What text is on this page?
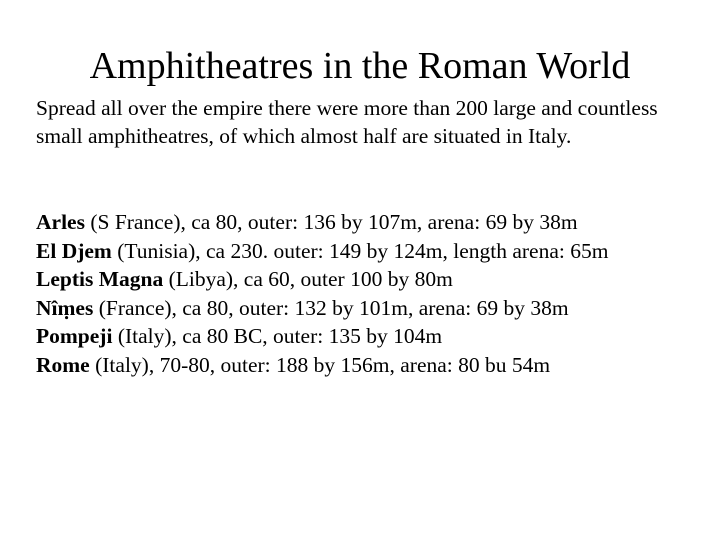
Amphitheatres in the Roman World

Spread all over the empire there were more than 200 large and countless small amphitheatres, of which almost half are situated in Italy.

Arles (S France), ca 80, outer: 136 by 107m, arena: 69 by 38m
El Djem (Tunisia), ca 230. outer: 149 by 124m, length arena: 65m
Leptis Magna (Libya), ca 60, outer 100 by 80m
Nîṃes (France), ca 80, outer: 132 by 101m, arena: 69 by 38m
Pompeji (Italy), ca 80 BC, outer: 135 by 104m
Rome (Italy), 70-80, outer: 188 by 156m, arena: 80 bu 54m
